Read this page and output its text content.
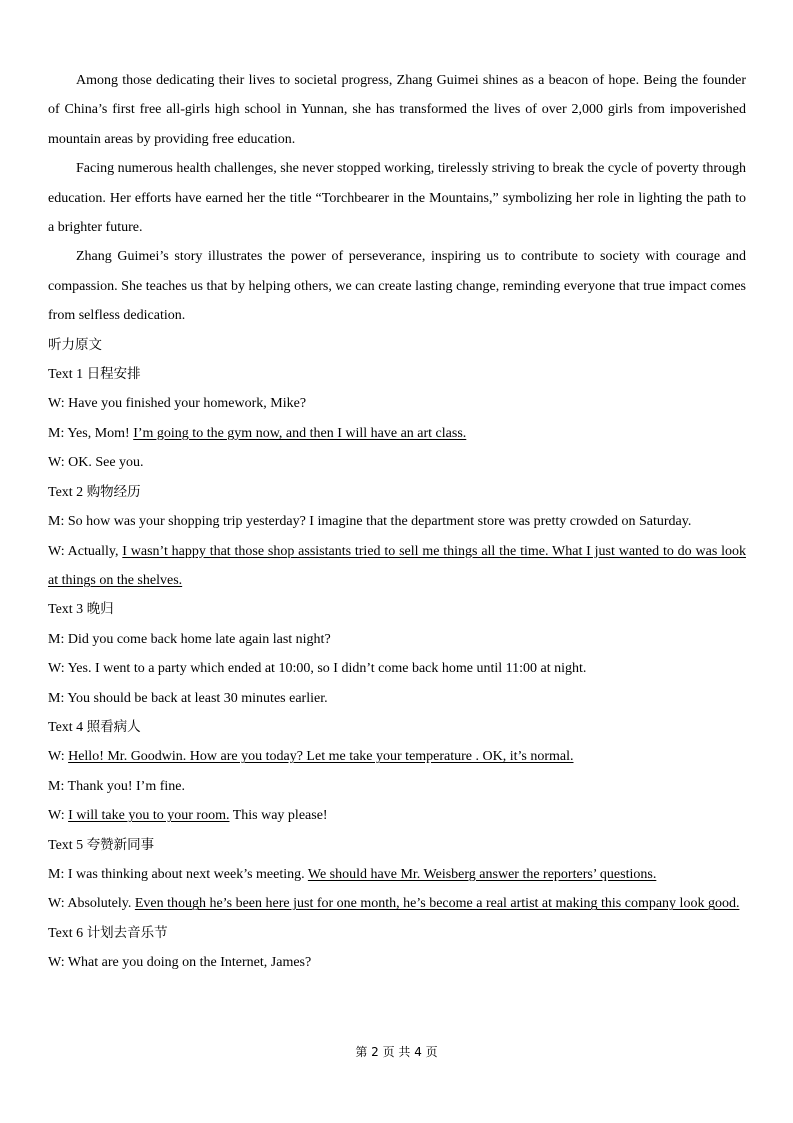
Among those dedicating their lives to societal progress, Zhang Guimei shines as a beacon of hope. Being the founder of China’s first free all-girls high school in Yunnan, she has transformed the lives of over 2,000 girls from impoverished mountain areas by providing free education.

Facing numerous health challenges, she never stopped working, tirelessly striving to break the cycle of poverty through education. Her efforts have earned her the title “Torchbearer in the Mountains,” symbolizing her role in lighting the path to a brighter future.

Zhang Guimei’s story illustrates the power of perseverance, inspiring us to contribute to society with courage and compassion. She teaches us that by helping others, we can create lasting change, reminding everyone that true impact comes from selfless dedication.

听力原文

Text 1 日程安排

W: Have you finished your homework, Mike?

M: Yes, Mom! I’m going to the gym now, and then I will have an art class.

W: OK. See you.

Text 2 购物经历

M: So how was your shopping trip yesterday? I imagine that the department store was pretty crowded on Saturday.

W: Actually, I wasn’t happy that those shop assistants tried to sell me things all the time. What I just wanted to do was look at things on the shelves.

Text 3 晚归

M: Did you come back home late again last night?

W: Yes. I went to a party which ended at 10:00, so I didn’t come back home until 11:00 at night.

M: You should be back at least 30 minutes earlier.

Text 4 照看病人

W: Hello! Mr. Goodwin. How are you today? Let me take your temperature . OK, it’s normal.

M: Thank you! I’m fine.

W: I will take you to your room. This way please!

Text 5 夸赞新同事

M: I was thinking about next week’s meeting. We should have Mr. Weisberg answer the reporters’ questions.

W: Absolutely. Even though he’s been here just for one month, he’s become a real artist at making this company look good.

Text 6 计划去音乐节

W: What are you doing on the Internet, James?

第 2 页 共 4 页
